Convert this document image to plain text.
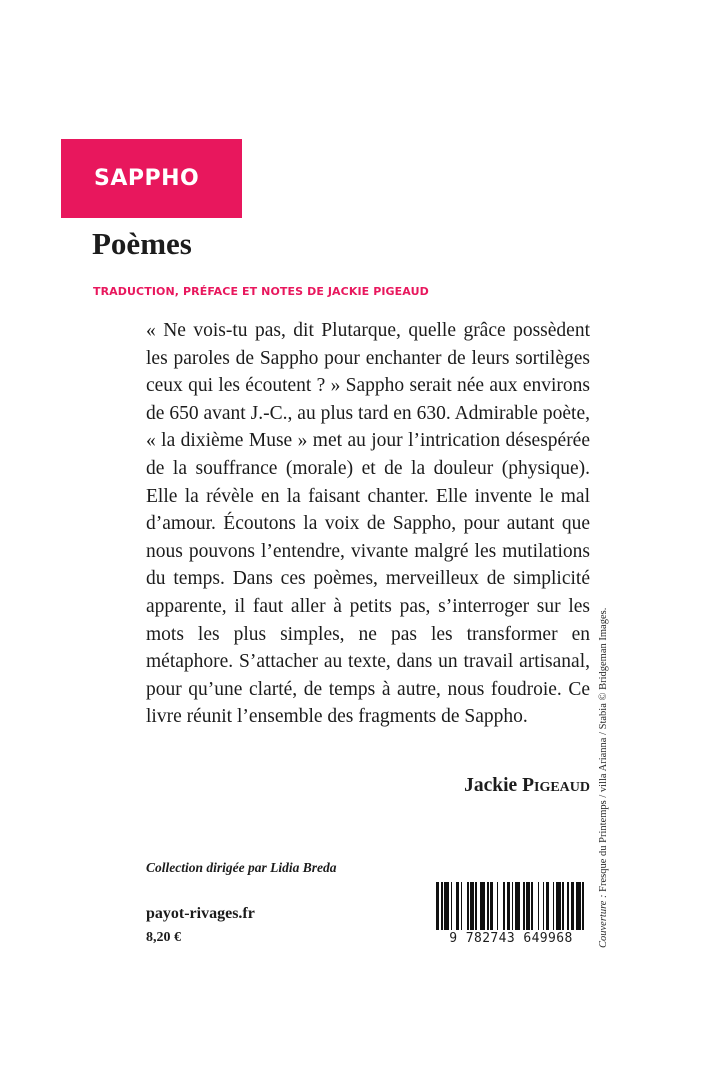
SAPPHO
Poèmes
TRADUCTION, PRÉFACE ET NOTES DE JACKIE PIGEAUD

« Ne vois-tu pas, dit Plutarque, quelle grâce possèdent les paroles de Sappho pour enchanter de leurs sortilèges ceux qui les écoutent ? » Sappho serait née aux environs de 650 avant J.-C., au plus tard en 630. Admirable poète, « la dixième Muse » met au jour l’intrication désespérée de la souffrance (morale) et de la douleur (physique). Elle la révèle en la faisant chanter. Elle invente le mal d’amour. Écoutons la voix de Sappho, pour autant que nous pouvons l’entendre, vivante malgré les mutilations du temps. Dans ces poèmes, merveilleux de simplicité apparente, il faut aller à petits pas, s’interroger sur les mots les plus simples, ne pas les transformer en métaphore. S’attacher au texte, dans un travail artisanal, pour qu’une clarté, de temps à autre, nous foudroie. Ce livre réunit l’ensemble des fragments de Sappho.

Jackie Pigeaud
Collection dirigée par Lidia Breda
payot-rivages.fr
8,20 €	9 782743 649968	Couverture : Fresque du Printemps / villa Arianna / Stabia © Bridgeman Images.
